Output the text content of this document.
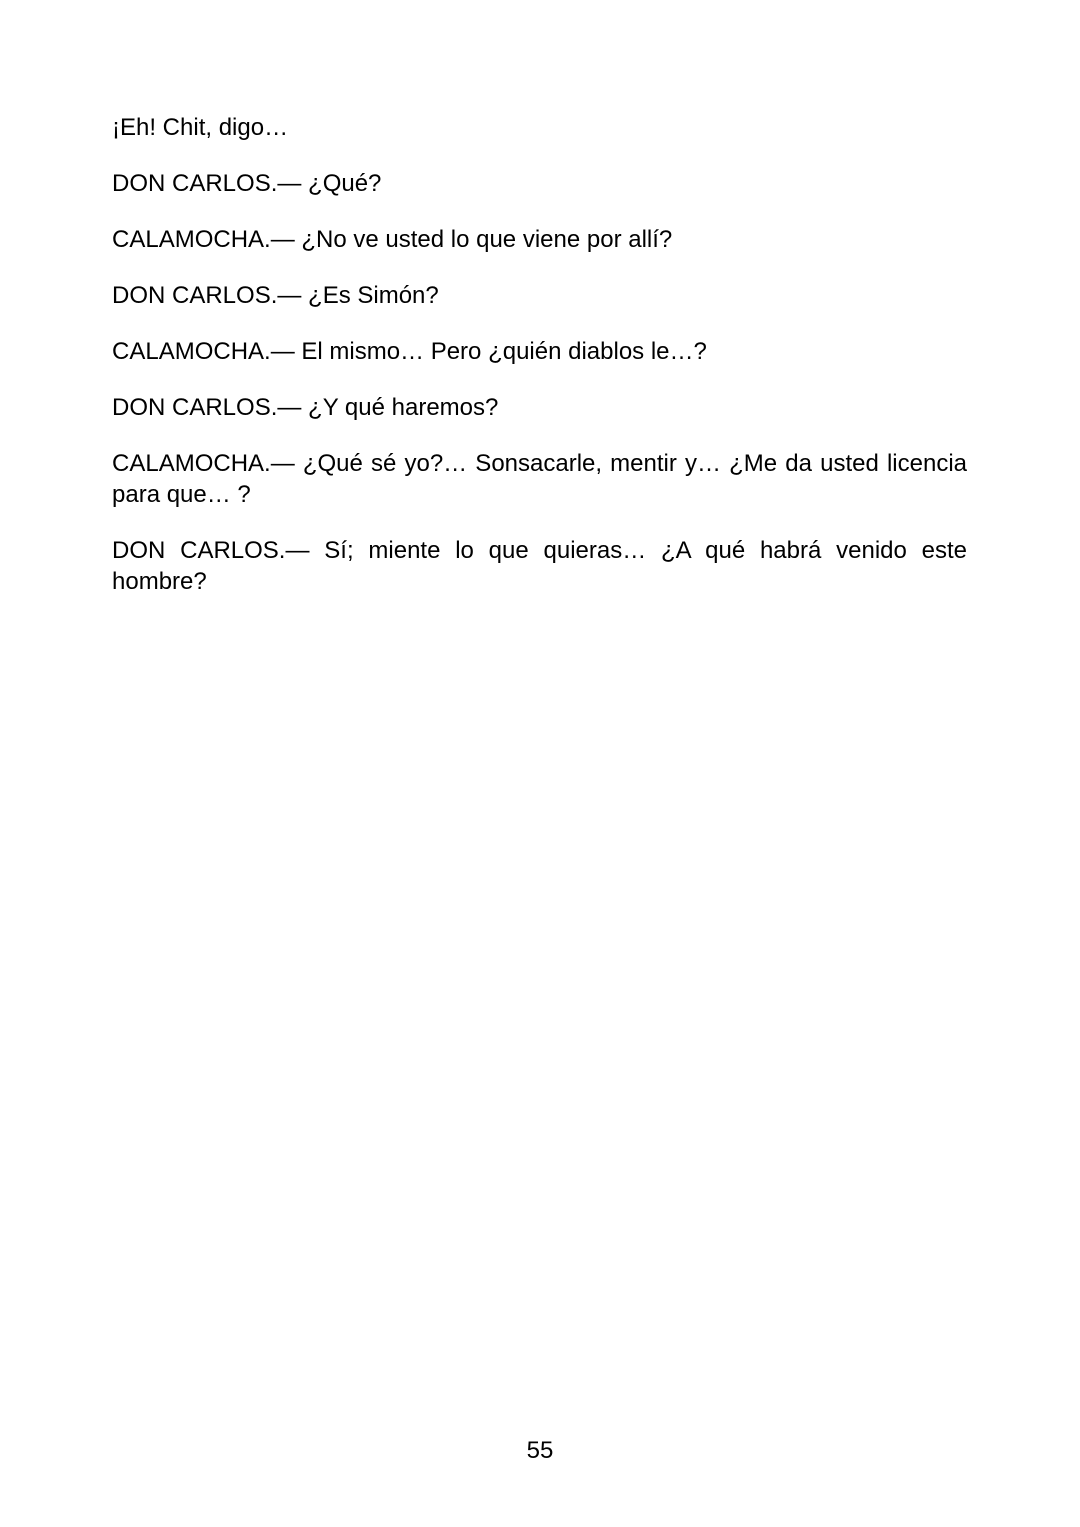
¡Eh! Chit, digo…

DON CARLOS.— ¿Qué?

CALAMOCHA.— ¿No ve usted lo que viene por allí?

DON CARLOS.— ¿Es Simón?

CALAMOCHA.— El mismo… Pero ¿quién diablos le…?

DON CARLOS.— ¿Y qué haremos?

CALAMOCHA.— ¿Qué sé yo?… Sonsacarle, mentir y… ¿Me da usted licencia para que… ?

DON CARLOS.— Sí; miente lo que quieras… ¿A qué habrá venido este hombre?

55
